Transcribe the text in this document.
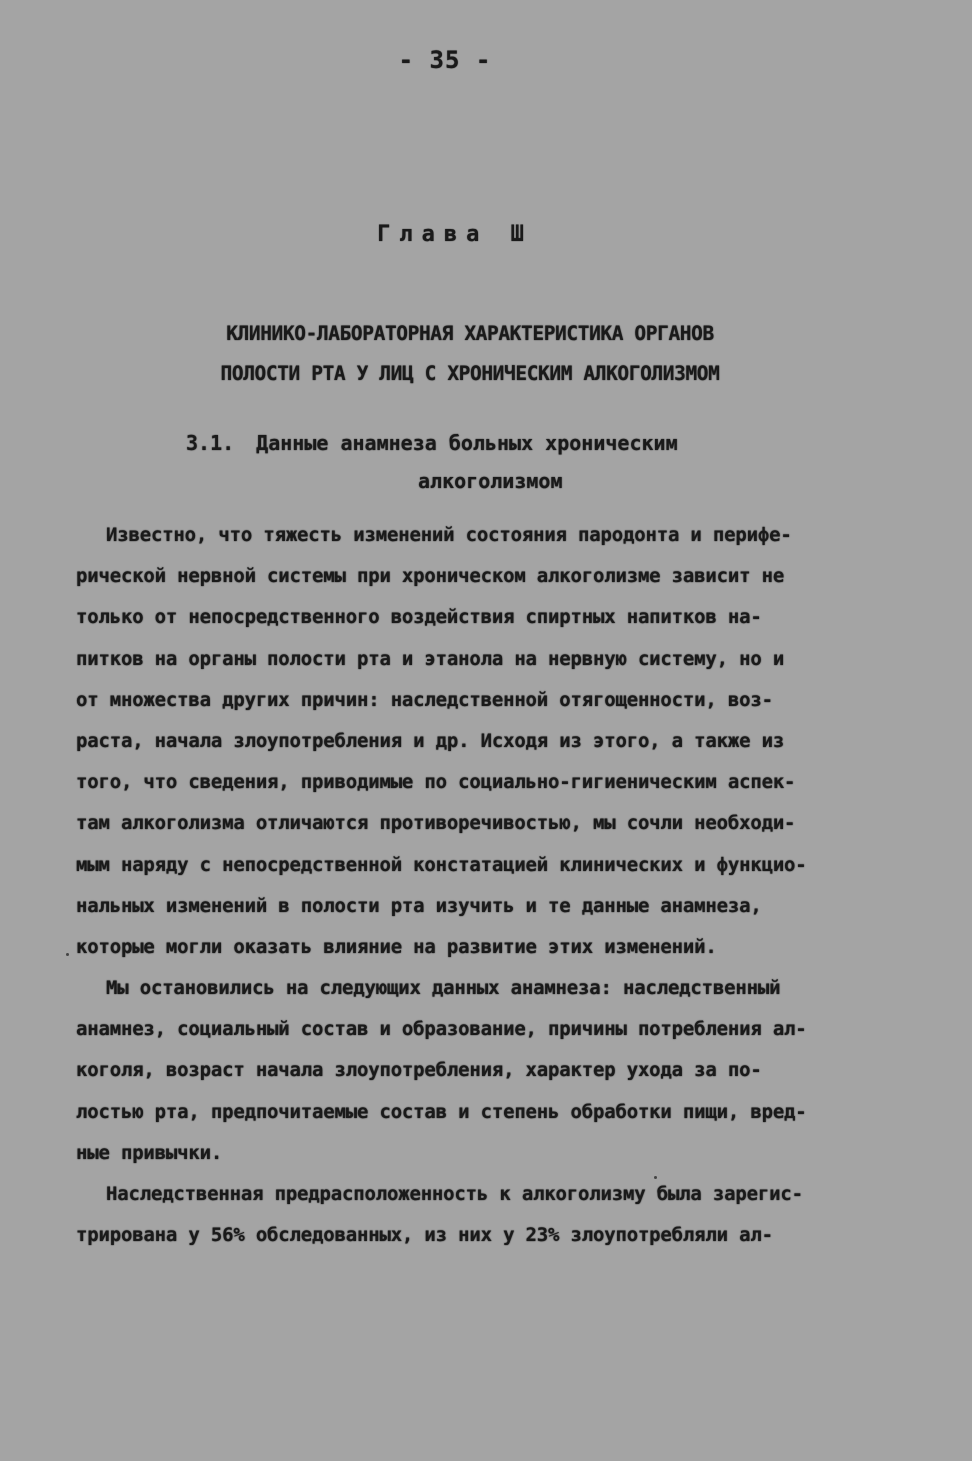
- 35 -
Глава Ш
КЛИНИКО-ЛАБОРАТОРНАЯ ХАРАКТЕРИСТИКА ОРГАНОВ
ПОЛОСТИ РТА У ЛИЦ С ХРОНИЧЕСКИМ АЛКОГОЛИЗМОМ
3.1. Данные анамнеза больных хроническим
алкоголизмом
Известно, что тяжесть изменений состояния пародонта и перифе-
рической нервной системы при хроническом алкоголизме зависит не
только от непосредственного воздействия спиртных напитков на-
питков на органы полости рта и этанола на нервную систему, но и
от множества других причин: наследственной отягощенности, воз-
раста, начала злоупотребления и др. Исходя из этого, а также из
того, что сведения, приводимые по социально-гигиеническим аспек-
там алкоголизма отличаются противоречивостью, мы сочли необходи-
мым наряду с непосредственной констатацией клинических и функцио-
нальных изменений в полости рта изучить и те данные анамнеза,
которые могли оказать влияние на развитие этих изменений.
Мы остановились на следующих данных анамнеза: наследственный
анамнез, социальный состав и образование, причины потребления ал-
коголя, возраст начала злоупотребления, характер ухода за по-
лостью рта, предпочитаемые состав и степень обработки пищи, вред-
ные привычки.
Наследственная предрасположенность к алкоголизму была зарегис-
трирована у 56% обследованных, из них у 23% злоупотребляли ал-
